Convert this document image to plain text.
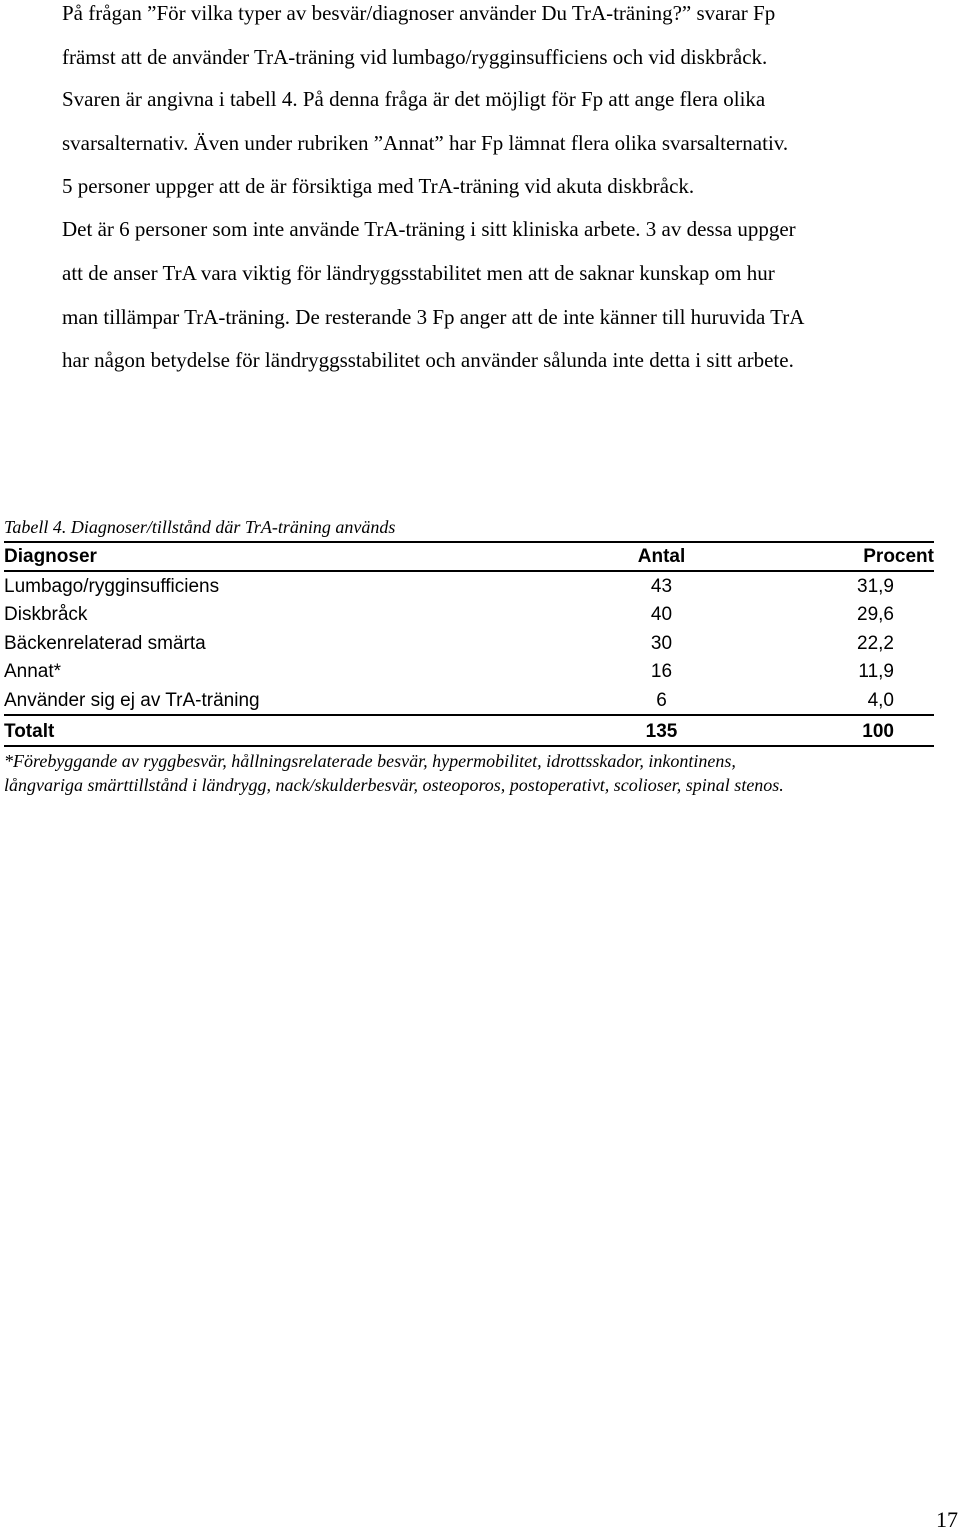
På frågan ”För vilka typer av besvär/diagnoser använder Du TrA-träning?” svarar Fp
främst att de använder TrA-träning vid lumbago/rygginsufficiens och vid diskbråck.
Svaren är angivna i tabell 4. På denna fråga är det möjligt för Fp att ange flera olika
svarsalternativ. Även under rubriken ”Annat” har Fp lämnat flera olika svarsalternativ.
5 personer uppger att de är försiktiga med TrA-träning vid akuta diskbråck.
Det är 6 personer som inte använde TrA-träning i sitt kliniska arbete. 3 av dessa uppger
att de anser TrA vara viktig för ländryggsstabilitet men att de saknar kunskap om hur
man tillämpar TrA-träning. De resterande 3 Fp anger att de inte känner till huruvida TrA
har någon betydelse för ländryggsstabilitet och använder sålunda inte detta i sitt arbete.
Tabell 4. Diagnoser/tillstånd där TrA-träning används
Diagnoser	Antal	Procent
Lumbago/rygginsufficiens	43	31,9
Diskbråck	40	29,6
Bäckenrelaterad smärta	30	22,2
Annat*	16	11,9
Använder sig ej av TrA-träning	6	4,0
Totalt	135	100
*Förebyggande av ryggbesvär, hållningsrelaterade besvär, hypermobilitet, idrottsskador, inkontinens,
långvariga smärttillstånd i ländrygg, nack/skulderbesvär, osteoporos, postoperativt, scolioser, spinal stenos.
17
